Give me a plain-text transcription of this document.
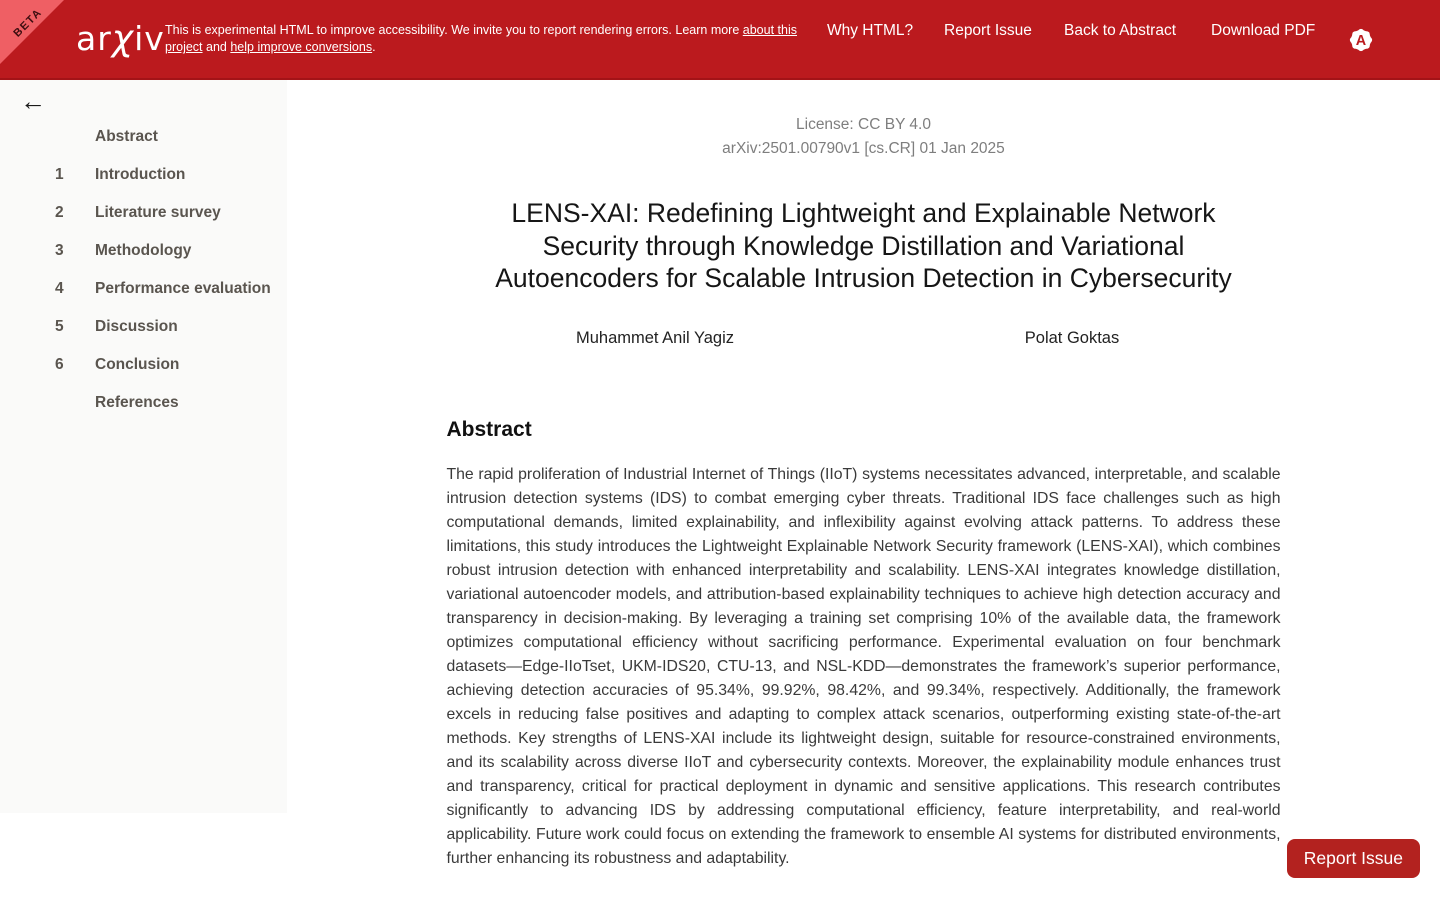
arχiv This is experimental HTML to improve accessibility. We invite you to report rendering errors. Learn more about this project and help improve conversions.
Why HTML?	Report Issue	Back to Abstract	Download PDF
A
BETA
←
Abstract
1 Introduction
2 Literature survey
3 Methodology
4 Performance evaluation
5 Discussion
6 Conclusion
References
License: CC BY 4.0
arXiv:2501.00790v1 [cs.CR] 01 Jan 2025
LENS-XAI: Redefining Lightweight and Explainable Network Security through Knowledge Distillation and Variational Autoencoders for Scalable Intrusion Detection in Cybersecurity
Muhammet Anil Yagiz	Polat Goktas
Abstract

The rapid proliferation of Industrial Internet of Things (IIoT) systems necessitates advanced, interpretable, and scalable intrusion detection systems (IDS) to combat emerging cyber threats. Traditional IDS face challenges such as high computational demands, limited explainability, and inflexibility against evolving attack patterns. To address these limitations, this study introduces the Lightweight Explainable Network Security framework (LENS-XAI), which combines robust intrusion detection with enhanced interpretability and scalability. LENS-XAI integrates knowledge distillation, variational autoencoder models, and attribution-based explainability techniques to achieve high detection accuracy and transparency in decision-making. By leveraging a training set comprising 10% of the available data, the framework optimizes computational efficiency without sacrificing performance. Experimental evaluation on four benchmark datasets—Edge-IIoTset, UKM-IDS20, CTU-13, and NSL-KDD—demonstrates the framework’s superior performance, achieving detection accuracies of 95.34%, 99.92%, 98.42%, and 99.34%, respectively. Additionally, the framework excels in reducing false positives and adapting to complex attack scenarios, outperforming existing state-of-the-art methods. Key strengths of LENS-XAI include its lightweight design, suitable for resource-constrained environments, and its scalability across diverse IIoT and cybersecurity contexts. Moreover, the explainability module enhances trust and transparency, critical for practical deployment in dynamic and sensitive applications. This research contributes significantly to advancing IDS by addressing computational efficiency, feature interpretability, and real-world applicability. Future work could focus on extending the framework to ensemble AI systems for distributed environments, further enhancing its robustness and adaptability.	Report Issue
